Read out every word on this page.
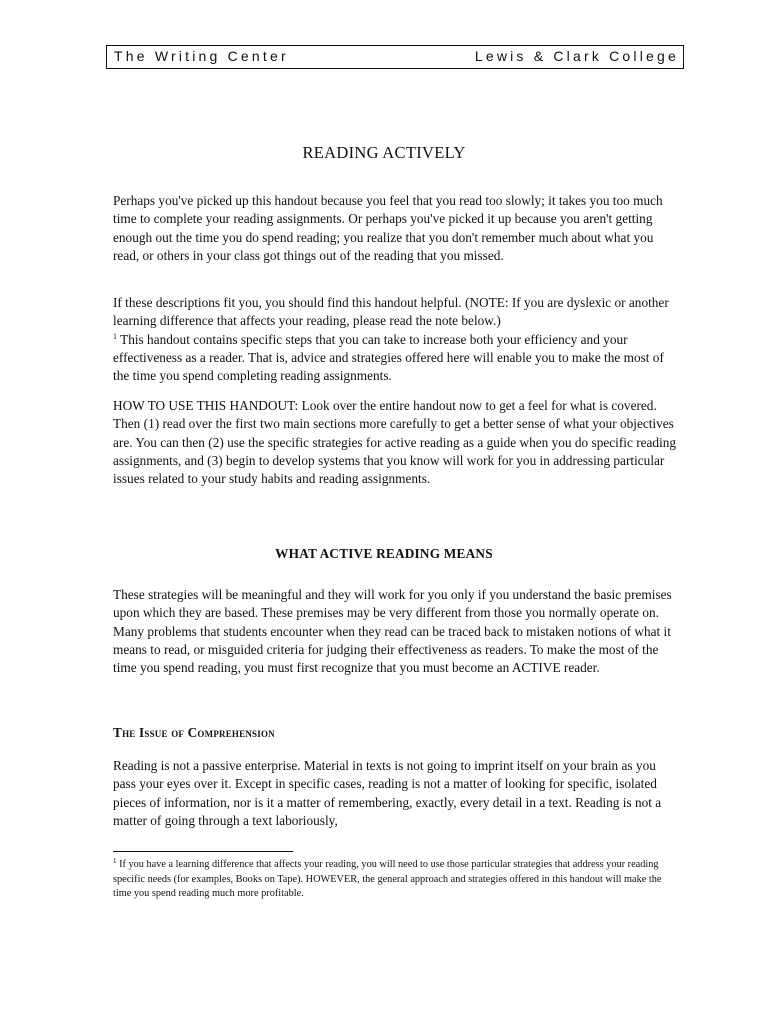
The Writing Center	Lewis & Clark College
READING ACTIVELY

Perhaps you've picked up this handout because you feel that you read too slowly; it takes you too much time to complete your reading assignments. Or perhaps you've picked it up because you aren't getting enough out the time you do spend reading; you realize that you don't remember much about what you read, or others in your class got things out of the reading that you missed.

If these descriptions fit you, you should find this handout helpful. (NOTE: If you are dyslexic or another learning difference that affects your reading, please read the note below.)
$^1$ This handout contains specific steps that you can take to increase both your efficiency and your effectiveness as a reader. That is, advice and strategies offered here will enable you to make the most of the time you spend completing reading assignments.

HOW TO USE THIS HANDOUT: Look over the entire handout now to get a feel for what is covered. Then (1) read over the first two main sections more carefully to get a better sense of what your objectives are. You can then (2) use the specific strategies for active reading as a guide when you do specific reading assignments, and (3) begin to develop systems that you know will work for you in addressing particular issues related to your study habits and reading assignments.

WHAT ACTIVE READING MEANS

These strategies will be meaningful and they will work for you only if you understand the basic premises upon which they are based. These premises may be very different from those you normally operate on. Many problems that students encounter when they read can be traced back to mistaken notions of what it means to read, or misguided criteria for judging their effectiveness as readers. To make the most of the time you spend reading, you must first recognize that you must become an ACTIVE reader.

The Issue of Comprehension

Reading is not a passive enterprise. Material in texts is not going to imprint itself on your brain as you pass your eyes over it. Except in specific cases, reading is not a matter of looking for specific, isolated pieces of information, nor is it a matter of remembering, exactly, every detail in a text. Reading is not a matter of going through a text laboriously,

$^1$ If you have a learning difference that affects your reading, you will need to use those particular strategies that address your reading specific needs (for examples, Books on Tape). HOWEVER, the general approach and strategies offered in this handout will make the time you spend reading much more profitable.
